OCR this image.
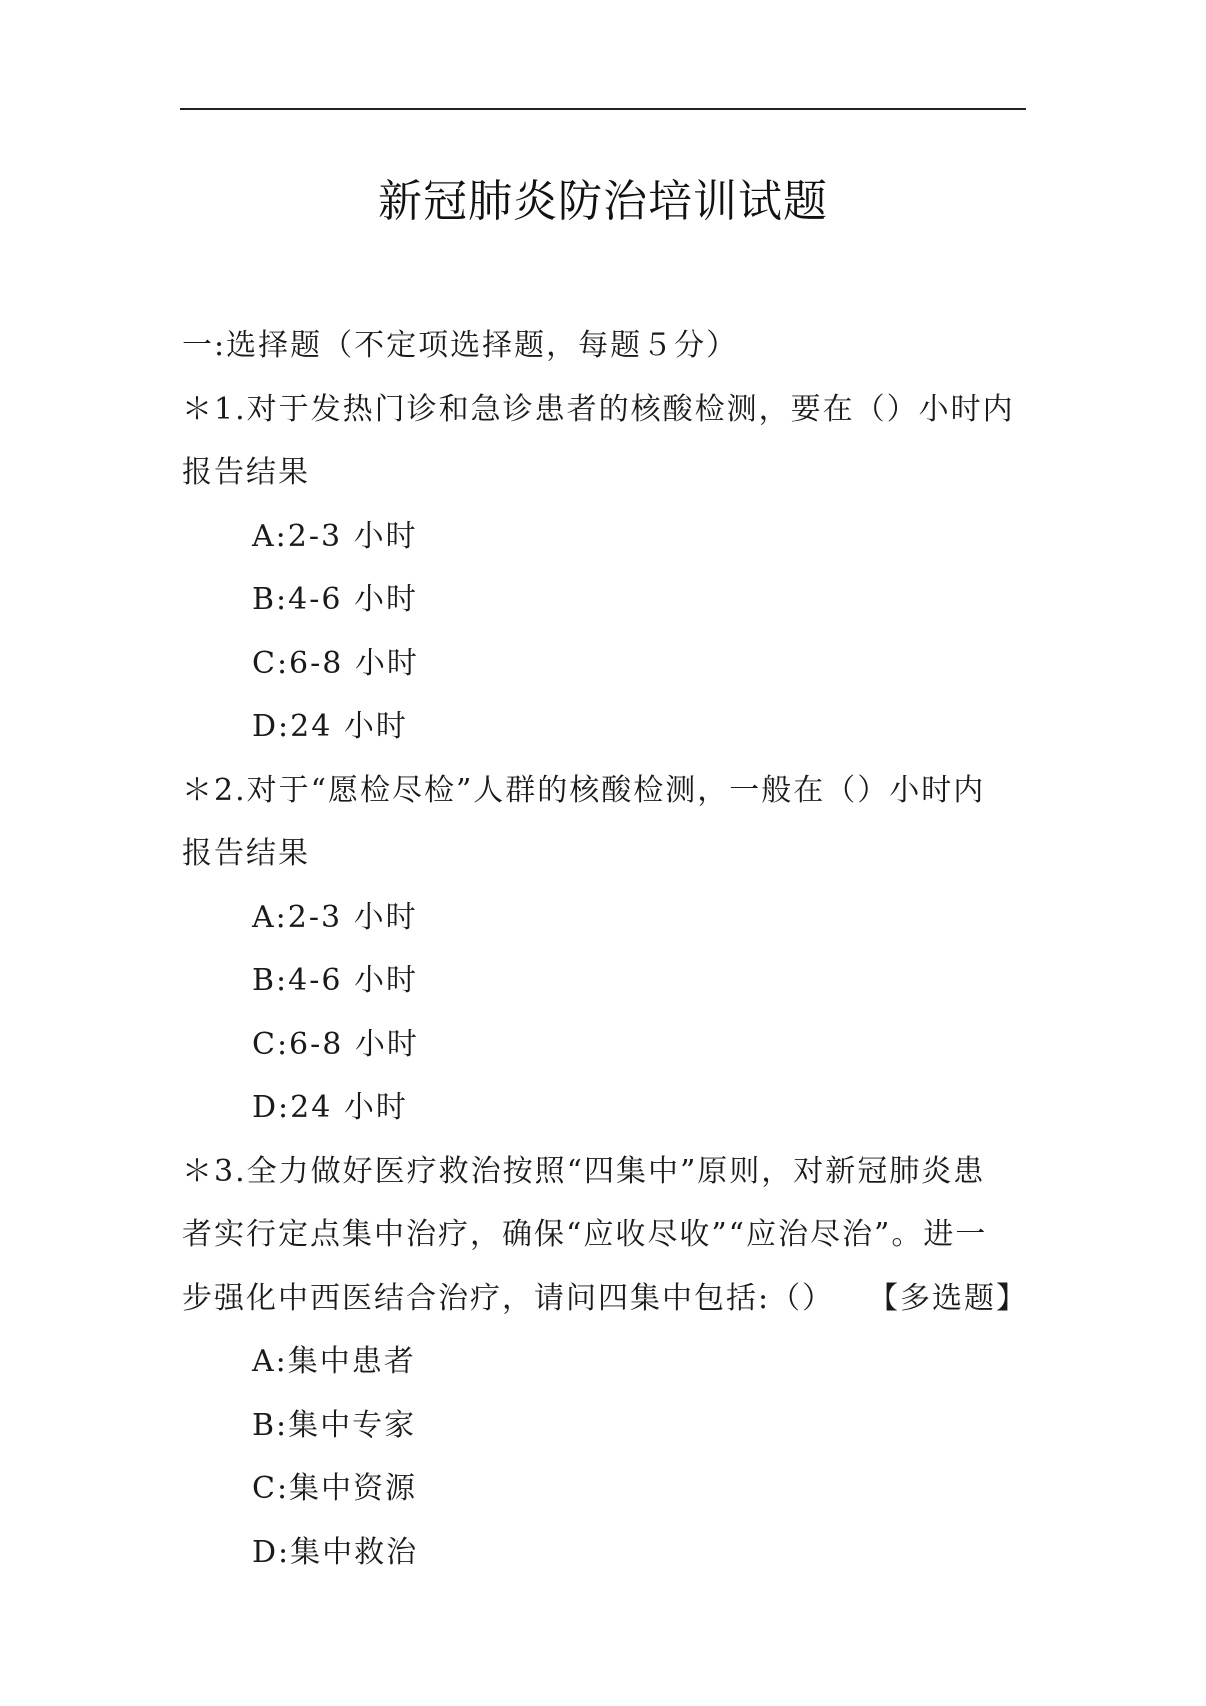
新冠肺炎防治培训试题
一:选择题（不定项选择题，每题５分）
＊1.对于发热门诊和急诊患者的核酸检测，要在（）小时内
报告结果
A:2-3 小时
B:4-6 小时
C:6-8 小时
D:24 小时
＊2.对于“愿检尽检”人群的核酸检测，一般在（）小时内
报告结果
A:2-3 小时
B:4-6 小时
C:6-8 小时
D:24 小时
＊3.全力做好医疗救治按照“四集中”原则，对新冠肺炎患
者实行定点集中治疗，确保“应收尽收”“应治尽治”。进一
步强化中西医结合治疗，请问四集中包括:（） 【多选题】
A:集中患者
B:集中专家
C:集中资源
D:集中救治
